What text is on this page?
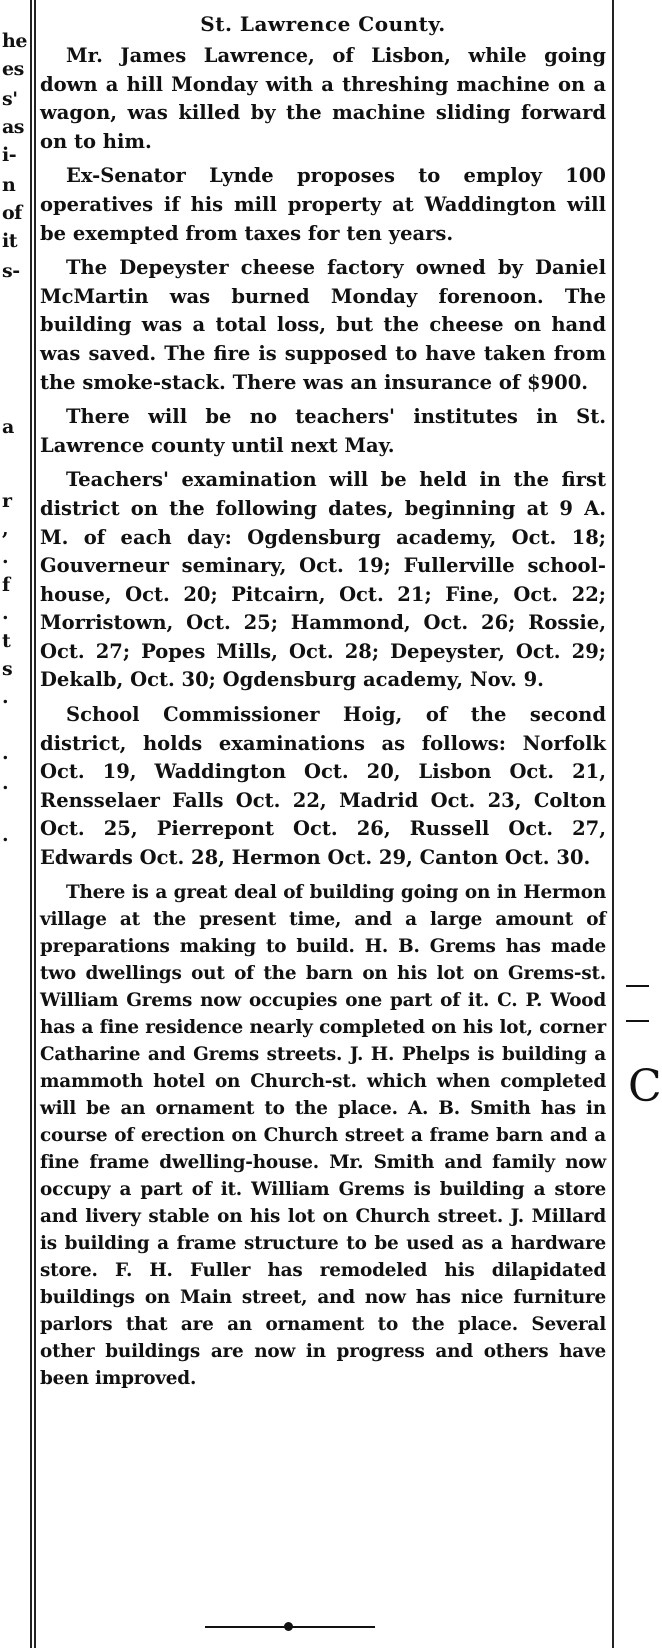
he
es
s'
as
i-
n
of
it
s-
a
r
,
.
f
.
t
s
.
.
.
.
C
St. Lawrence County.

Mr. James Lawrence, of Lisbon, while going down a hill Monday with a threshing machine on a wagon, was killed by the machine sliding forward on to him.

Ex-Senator Lynde proposes to employ 100 operatives if his mill property at Waddington will be exempted from taxes for ten years.

The Depeyster cheese factory owned by Daniel McMartin was burned Monday forenoon. The building was a total loss, but the cheese on hand was saved. The fire is supposed to have taken from the smoke-stack. There was an insurance of $900.

There will be no teachers' institutes in St. Lawrence county until next May.

Teachers' examination will be held in the first district on the following dates, beginning at 9 A. M. of each day: Ogdensburg academy, Oct. 18; Gouverneur seminary, Oct. 19; Fullerville school-house, Oct. 20; Pitcairn, Oct. 21; Fine, Oct. 22; Morristown, Oct. 25; Hammond, Oct. 26; Rossie, Oct. 27; Popes Mills, Oct. 28; Depeyster, Oct. 29; Dekalb, Oct. 30; Ogdensburg academy, Nov. 9.

School Commissioner Hoig, of the second district, holds examinations as follows: Norfolk Oct. 19, Waddington Oct. 20, Lisbon Oct. 21, Rensselaer Falls Oct. 22, Madrid Oct. 23, Colton Oct. 25, Pierrepont Oct. 26, Russell Oct. 27, Edwards Oct. 28, Hermon Oct. 29, Canton Oct. 30.

There is a great deal of building going on in Hermon village at the present time, and a large amount of preparations making to build. H. B. Grems has made two dwellings out of the barn on his lot on Grems-st. William Grems now occupies one part of it. C. P. Wood has a fine residence nearly completed on his lot, corner Catharine and Grems streets. J. H. Phelps is building a mammoth hotel on Church-st. which when completed will be an ornament to the place. A. B. Smith has in course of erection on Church street a frame barn and a fine frame dwelling-house. Mr. Smith and family now occupy a part of it. William Grems is building a store and livery stable on his lot on Church street. J. Millard is building a frame structure to be used as a hardware store. F. H. Fuller has remodeled his dilapidated buildings on Main street, and now has nice furniture parlors that are an ornament to the place. Several other buildings are now in progress and others have been improved.
